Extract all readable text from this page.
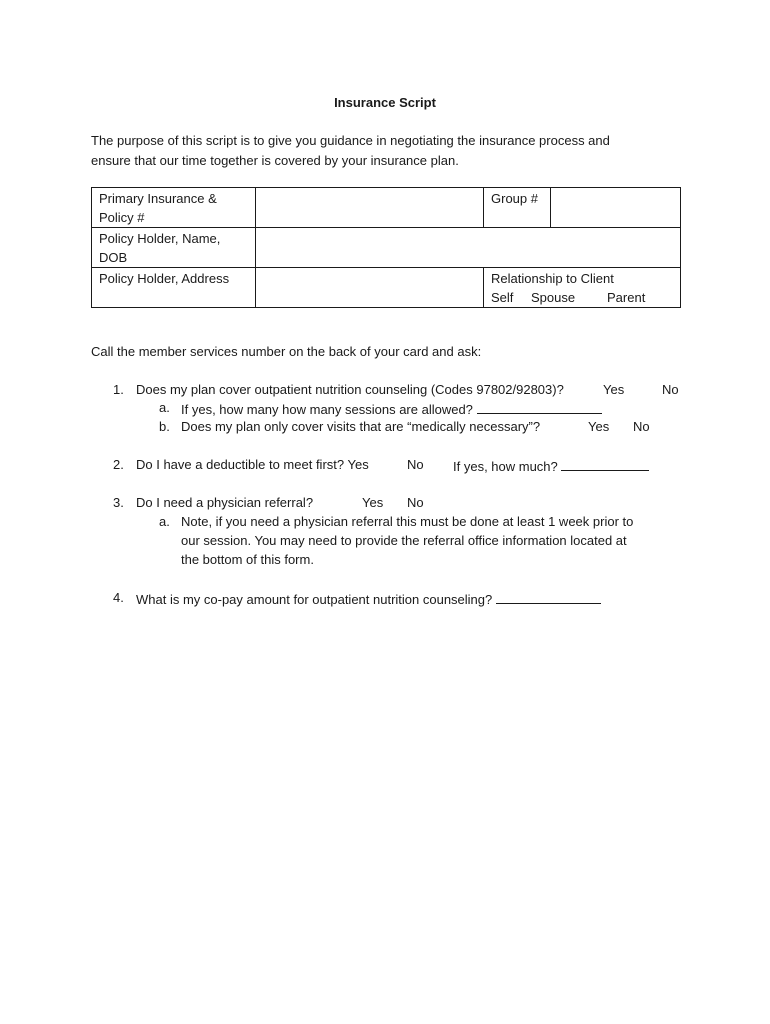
Insurance Script
The purpose of this script is to give you guidance in negotiating the insurance process and
ensure that our time together is covered by your insurance plan.
Primary Insurance &
Policy #		Group #	

Policy Holder, Name,
DOB			

Policy Holder, Address		Relationship to Client
Self Spouse Parent	
Call the member services number on the back of your card and ask:
1. Does my plan cover outpatient nutrition counseling (Codes 97802/92803)?	Yes	No
a. If yes, how many how many sessions are allowed?
b. Does my plan only cover visits that are “medically necessary”?	Yes No
2. Do I have a deductible to meet first? Yes	No If yes, how much?
3. Do I need a physician referral?	Yes No
a. Note, if you need a physician referral this must be done at least 1 week prior to
our session. You may need to provide the referral office information located at
the bottom of this form.
4. What is my co-pay amount for outpatient nutrition counseling?
